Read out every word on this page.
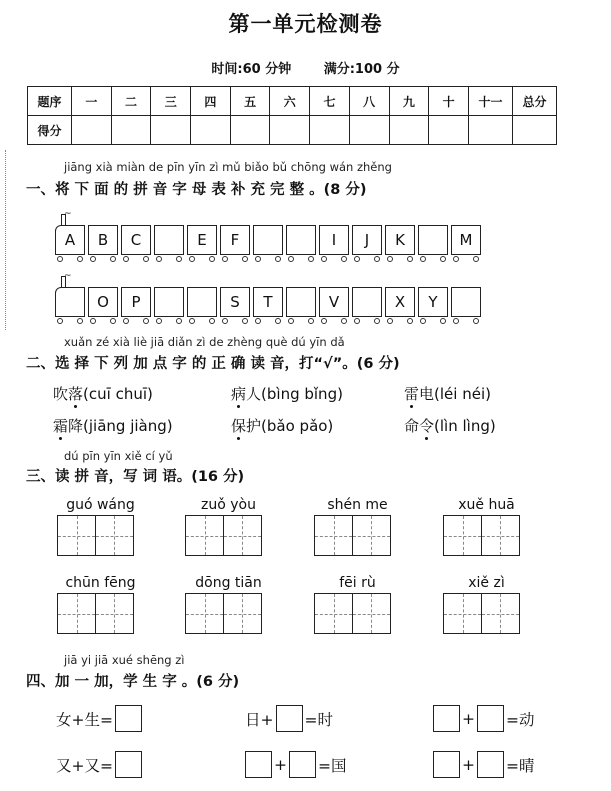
第一单元检测卷
时间:60 分钟	满分:100 分
题序	一	二	三	四	五	六	七	八	九	十	十一	总分
得分												
jiāng xià miàn de pīn yīn zì mǔ biǎo bǔ chōng wán zhěng
一、将 下 面 的 拼 音 字 母 表 补 充 完 整 。(8 分)
~
A	B	C	E	F	I	J	K	M
~
O	P	S	T	V	X	Y
xuǎn zé xià liè jiā diǎn zì de zhèng què dú yīn dǎ
二、选 择 下 列 加 点 字 的 正 确 读 音，打“√”。(6 分)
吹落(cuī chuī)	病人(bìng bǐng)	雷电(léi néi)
霜降(jiāng jiàng)	保护(bǎo pǎo)	命令(lìn lìng)
dú pīn yīn xiě cí yǔ
三、读 拼 音，写 词 语。(16 分)
guó wáng	zuǒ yòu	shén me	xuě huā
chūn fēng	dōng tiān	fēi rù	xiě zì
jiā yi jiā xué shēng zì
四、加 一 加，学 生 字 。(6 分)
女+生=	日+ =时	+ =动
又+又=	+ =国	+ =晴
